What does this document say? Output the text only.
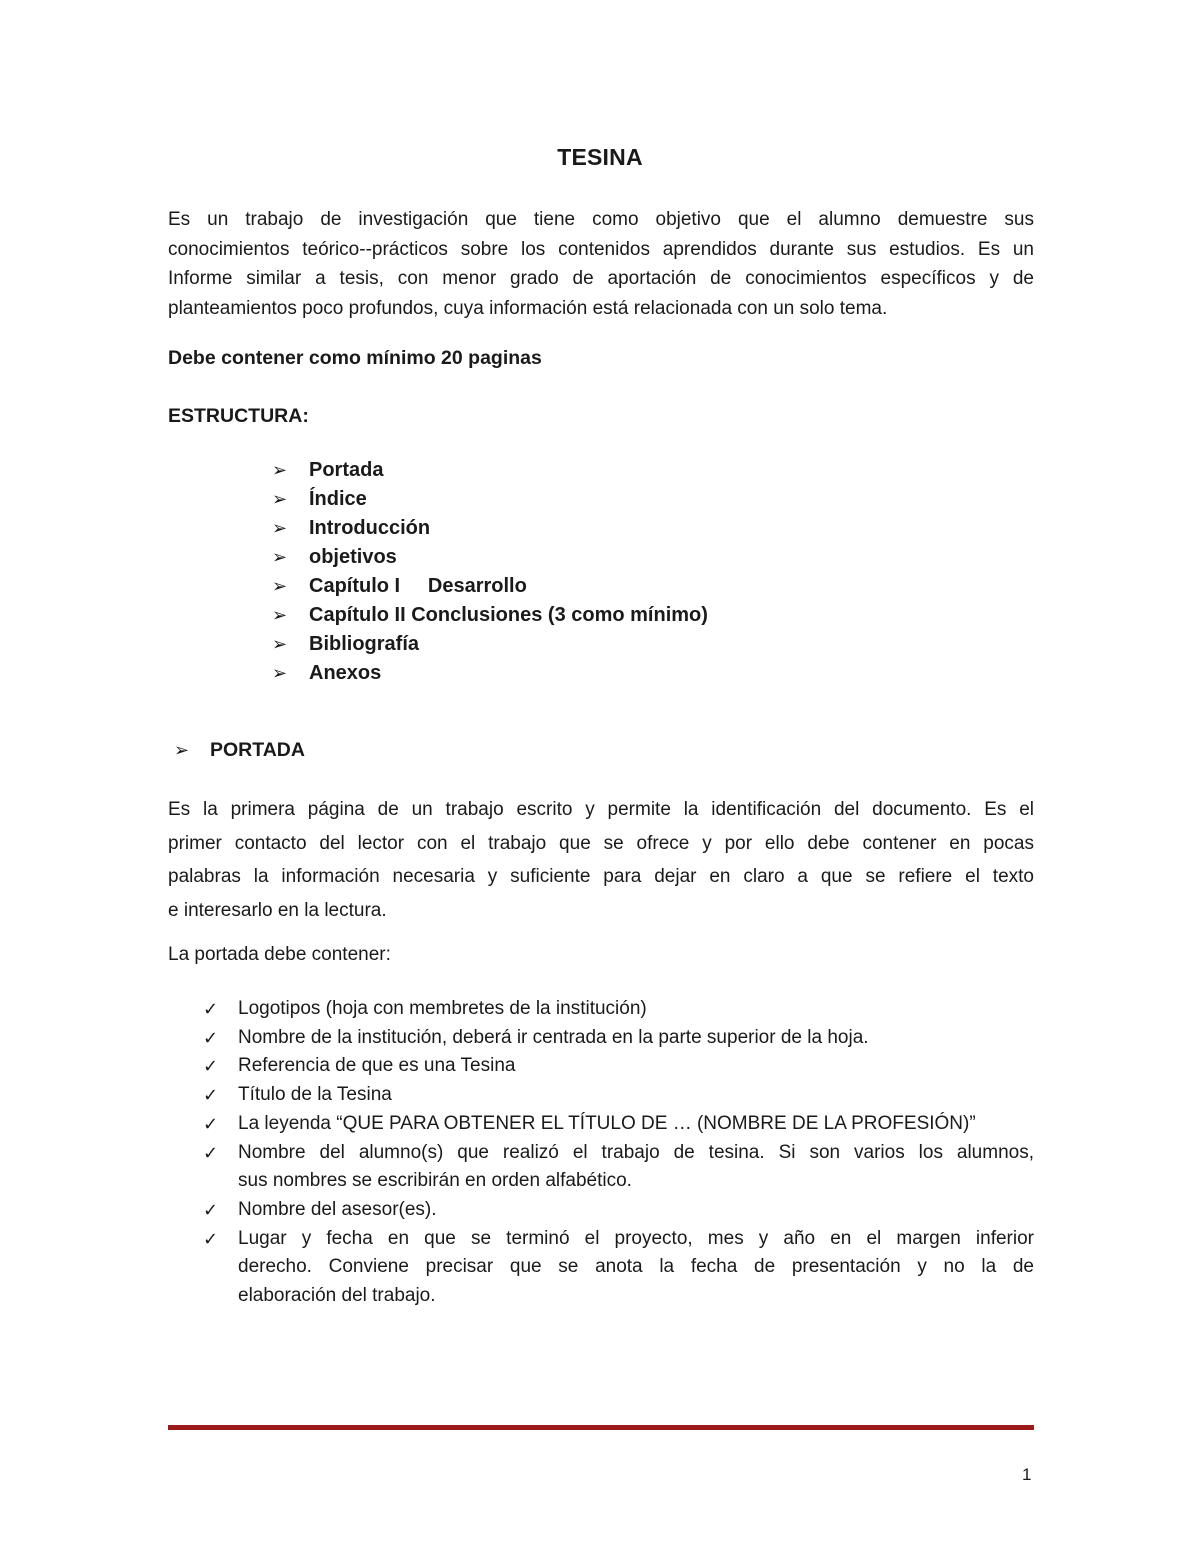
TESINA

Es un trabajo de investigación que tiene como objetivo que el alumno demuestre sus
conocimientos teórico--prácticos sobre los contenidos aprendidos durante sus estudios. Es un
Informe similar a tesis, con menor grado de aportación de conocimientos específicos y de
planteamientos poco profundos, cuya información está relacionada con un solo tema.

Debe contener como mínimo 20 paginas
ESTRUCTURA:
➢	Portada
➢	Índice
➢	Introducción
➢	objetivos
➢	Capítulo I     Desarrollo
➢	Capítulo II Conclusiones (3 como mínimo)
➢	Bibliografía
➢	Anexos
➢	PORTADA

Es la primera página de un trabajo escrito y permite la identificación del documento. Es el
primer contacto del lector con el trabajo que se ofrece y por ello debe contener en pocas
palabras la información necesaria y suficiente para dejar en claro a que se refiere el texto
e interesarlo en la lectura.

La portada debe contener:
✓	Logotipos (hoja con membretes de la institución)
✓	Nombre de la institución, deberá ir centrada en la parte superior de la hoja.
✓	Referencia de que es una Tesina
✓	Título de la Tesina
✓	La leyenda “QUE PARA OBTENER EL TÍTULO DE … (NOMBRE DE LA PROFESIÓN)”
✓	Nombre del alumno(s) que realizó el trabajo de tesina. Si son varios los alumnos,
sus nombres se escribirán en orden alfabético.
✓	Nombre del asesor(es).
✓	Lugar y fecha en que se terminó el proyecto, mes y año en el margen inferior
derecho. Conviene precisar que se anota la fecha de presentación y no la de
elaboración del trabajo.
1
